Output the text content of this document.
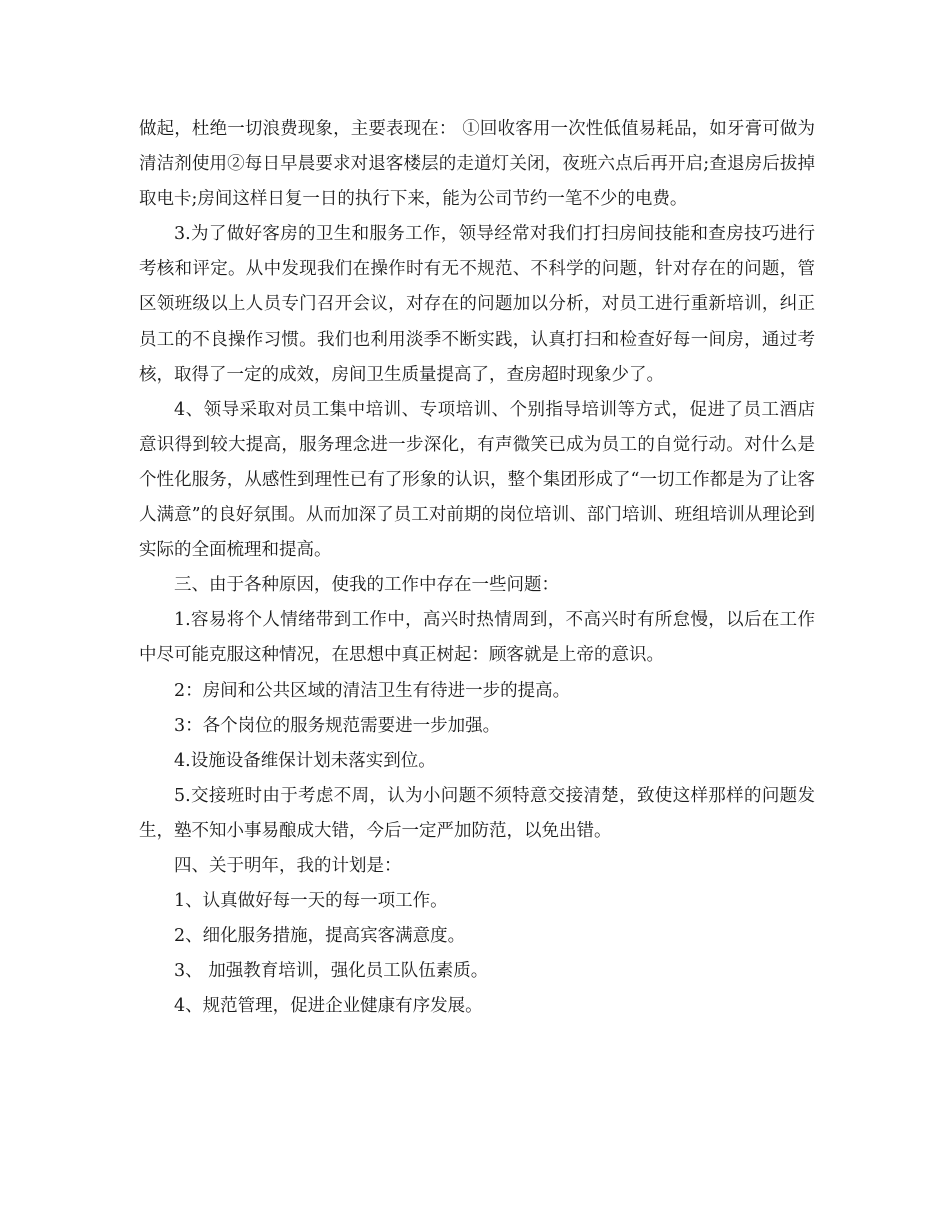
做起，杜绝一切浪费现象，主要表现在： ①回收客用一次性低值易耗品，如牙膏可做为清洁剂使用②每日早晨要求对退客楼层的走道灯关闭，夜班六点后再开启;查退房后拔掉取电卡;房间这样日复一日的执行下来，能为公司节约一笔不少的电费。

3.为了做好客房的卫生和服务工作，领导经常对我们打扫房间技能和查房技巧进行考核和评定。从中发现我们在操作时有无不规范、不科学的问题，针对存在的问题，管区领班级以上人员专门召开会议，对存在的问题加以分析，对员工进行重新培训，纠正员工的不良操作习惯。我们也利用淡季不断实践，认真打扫和检查好每一间房，通过考核，取得了一定的成效，房间卫生质量提高了，查房超时现象少了。

4、领导采取对员工集中培训、专项培训、个别指导培训等方式，促进了员工酒店意识得到较大提高，服务理念进一步深化，有声微笑已成为员工的自觉行动。对什么是个性化服务，从感性到理性已有了形象的认识，整个集团形成了“一切工作都是为了让客人满意”的良好氛围。从而加深了员工对前期的岗位培训、部门培训、班组培训从理论到实际的全面梳理和提高。

三、由于各种原因，使我的工作中存在一些问题：

1.容易将个人情绪带到工作中，高兴时热情周到，不高兴时有所怠慢，以后在工作中尽可能克服这种情况，在思想中真正树起：顾客就是上帝的意识。

2：房间和公共区域的清洁卫生有待进一步的提高。

3：各个岗位的服务规范需要进一步加强。

4.设施设备维保计划未落实到位。

5.交接班时由于考虑不周，认为小问题不须特意交接清楚，致使这样那样的问题发生，塾不知小事易酿成大错，今后一定严加防范，以免出错。

四、关于明年，我的计划是：

1、认真做好每一天的每一项工作。

2、细化服务措施，提高宾客满意度。

3、 加强教育培训，强化员工队伍素质。

4、规范管理，促进企业健康有序发展。
